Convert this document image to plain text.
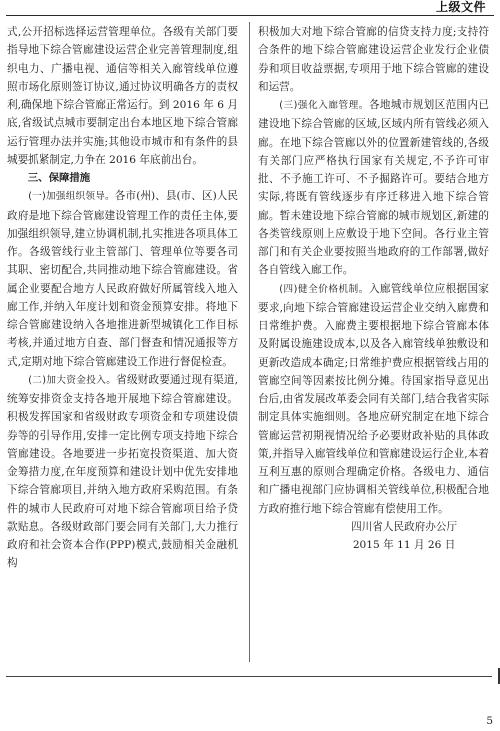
上级文件

式,公开招标选择运营管理单位。各级有关部门要指导地下综合管廊建设运营企业完善管理制度,组织电力、广播电视、通信等相关入廊管线单位遵照市场化原则签订协议,通过协议明确各方的责权利,确保地下综合管廊正常运行。到 2016 年 6 月底,省级试点城市要制定出台本地区地下综合管廊运行管理办法并实施;其他设市城市和有条件的县城要抓紧制定,力争在 2016 年底前出台。

三、保障措施

(一)加强组织领导。各市(州)、县(市、区)人民政府是地下综合管廊建设管理工作的责任主体,要加强组织领导,建立协调机制,扎实推进各项具体工作。各级管线行业主管部门、管理单位等要各司其职、密切配合,共同推动地下综合管廊建设。省属企业要配合地方人民政府做好所属管线入地入廊工作,并纳入年度计划和资金预算安排。将地下综合管廊建设纳入各地推进新型城镇化工作目标考核,并通过地方自查、部门督查和情况通报等方式,定期对地下综合管廊建设工作进行督促检查。

(二)加大资金投入。省级财政要通过现有渠道,统筹安排资金支持各地开展地下综合管廊建设。积极发挥国家和省级财政专项资金和专项建设债券等的引导作用,安排一定比例专项支持地下综合管廊建设。各地要进一步拓宽投资渠道、加大资金筹措力度,在年度预算和建设计划中优先安排地下综合管廊项目,并纳入地方政府采购范围。有条件的城市人民政府可对地下综合管廊项目给予贷款贴息。各级财政部门要会同有关部门,大力推行政府和社会资本合作(PPP)模式,鼓励相关金融机构

积极加大对地下综合管廊的信贷支持力度;支持符合条件的地下综合管廊建设运营企业发行企业债券和项目收益票据,专项用于地下综合管廊的建设和运营。

(三)强化入廊管理。各地城市规划区范围内已建设地下综合管廊的区域,区域内所有管线必须入廊。在地下综合管廊以外的位置新建管线的,各级有关部门应严格执行国家有关规定,不予许可审批、不予施工许可、不予掘路许可。要结合地方实际,将既有管线逐步有序迁移进入地下综合管廊。暂未建设地下综合管廊的城市规划区,新建的各类管线原则上应敷设于地下空间。各行业主管部门和有关企业要按照当地政府的工作部署,做好各自管线入廊工作。

(四)健全价格机制。入廊管线单位应根据国家要求,向地下综合管廊建设运营企业交纳入廊费和日常维护费。入廊费主要根据地下综合管廊本体及附属设施建设成本,以及各入廊管线单独敷设和更新改造成本确定;日常维护费应根据管线占用的管廊空间等因素按比例分摊。待国家指导意见出台后,由省发展改革委会同有关部门,结合我省实际制定具体实施细则。各地应研究制定在地下综合管廊运营初期视情况给予必要财政补贴的具体政策,并指导入廊管线单位和管廊建设运行企业,本着互利互惠的原则合理确定价格。各级电力、通信和广播电视部门应协调相关管线单位,积极配合地方政府推行地下综合管廊有偿使用工作。

四川省人民政府办公厅

2015 年 11 月 26 日

5
